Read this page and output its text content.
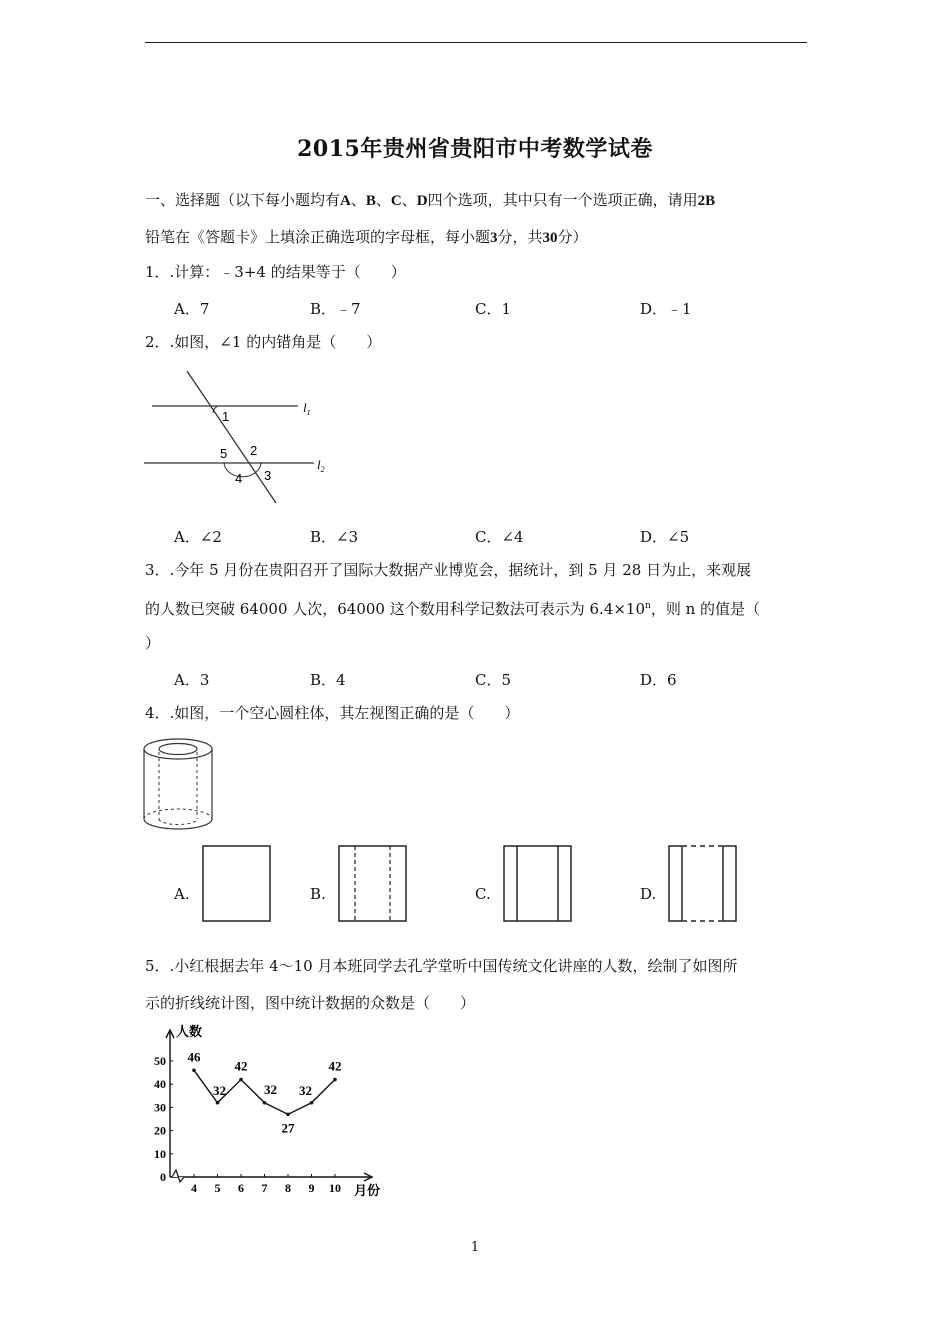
2015年贵州省贵阳市中考数学试卷
一、选择题（以下每小题均有A、B、C、D四个选项，其中只有一个选项正确，请用2B
铅笔在《答题卡》上填涂正确选项的字母框，每小题3分，共30分）
1．.计算：﹣3+4 的结果等于（　　）
A．7	B．﹣7	C．1	D．﹣1
2．.如图，∠1 的内错角是（　　）
1
2
3
4
5
$l_1$
$l_2$
A．∠2	B．∠3	C．∠4	D．∠5
3．.今年 5 月份在贵阳召开了国际大数据产业博览会，据统计，到 5 月 28 日为止，来观展
的人数已突破 64000 人次，64000 这个数用科学记数法可表示为 $6.4\times 10^n$，则 n 的值是（
）
A．3	B．4	C．5	D．6
4．.如图，一个空心圆柱体，其左视图正确的是（　　）
A.	B.	C.	D.
5．.小红根据去年 4～10 月本班同学去孔学堂听中国传统文化讲座的人数，绘制了如图所
示的折线统计图，图中统计数据的众数是（　　）
0
10
20
30
40
50
4 5 6 7 8 9 10
人数
月份
46
32
42
32
27
32
42
1
